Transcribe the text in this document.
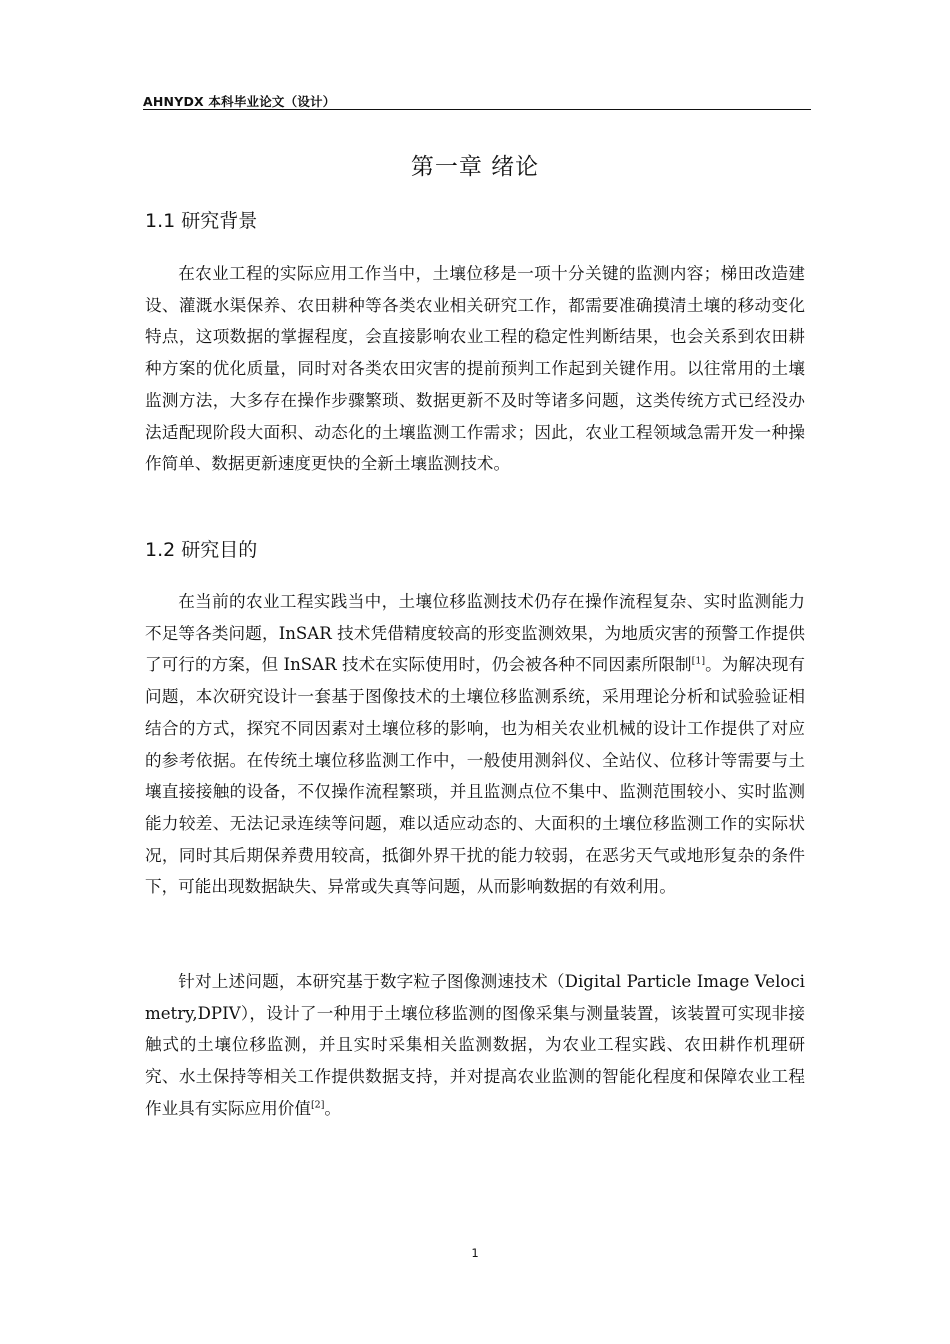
AHNYDX 本科毕业论文（设计）
第一章 绪论
1.1 研究背景

在农业工程的实际应用工作当中，土壤位移是一项十分关键的监测内容；梯田改造建设、灌溉水渠保养、农田耕种等各类农业相关研究工作，都需要准确摸清土壤的移动变化特点，这项数据的掌握程度，会直接影响农业工程的稳定性判断结果，也会关系到农田耕种方案的优化质量，同时对各类农田灾害的提前预判工作起到关键作用。以往常用的土壤监测方法，大多存在操作步骤繁琐、数据更新不及时等诸多问题，这类传统方式已经没办法适配现阶段大面积、动态化的土壤监测工作需求；因此，农业工程领域急需开发一种操作简单、数据更新速度更快的全新土壤监测技术。

1.2 研究目的

在当前的农业工程实践当中，土壤位移监测技术仍存在操作流程复杂、实时监测能力不足等各类问题，InSAR 技术凭借精度较高的形变监测效果，为地质灾害的预警工作提供了可行的方案，但 InSAR 技术在实际使用时，仍会被各种不同因素所限制[1]。为解决现有问题，本次研究设计一套基于图像技术的土壤位移监测系统，采用理论分析和试验验证相结合的方式，探究不同因素对土壤位移的影响，也为相关农业机械的设计工作提供了对应的参考依据。在传统土壤位移监测工作中，一般使用测斜仪、全站仪、位移计等需要与土壤直接接触的设备，不仅操作流程繁琐，并且监测点位不集中、监测范围较小、实时监测能力较差、无法记录连续等问题，难以适应动态的、大面积的土壤位移监测工作的实际状况，同时其后期保养费用较高，抵御外界干扰的能力较弱，在恶劣天气或地形复杂的条件下，可能出现数据缺失、异常或失真等问题，从而影响数据的有效利用。

针对上述问题，本研究基于数字粒子图像测速技术（Digital Particle Image Velocimetry,DPIV），设计了一种用于土壤位移监测的图像采集与测量装置，该装置可实现非接触式的土壤位移监测，并且实时采集相关监测数据，为农业工程实践、农田耕作机理研究、水土保持等相关工作提供数据支持，并对提高农业监测的智能化程度和保障农业工程作业具有实际应用价值[2]。

1
